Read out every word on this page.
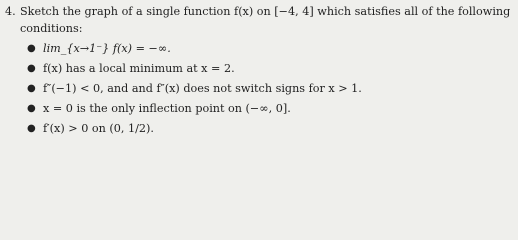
4. Sketch the graph of a single function f(x) on [−4, 4] which satisfies all of the following
conditions:
● lim_{x→1⁻} f(x) = −∞.
● f(x) has a local minimum at x = 2.
● f″(−1) < 0, and and f″(x) does not switch signs for x > 1.
● x = 0 is the only inflection point on (−∞, 0].
● f′(x) > 0 on (0, 1/2).
